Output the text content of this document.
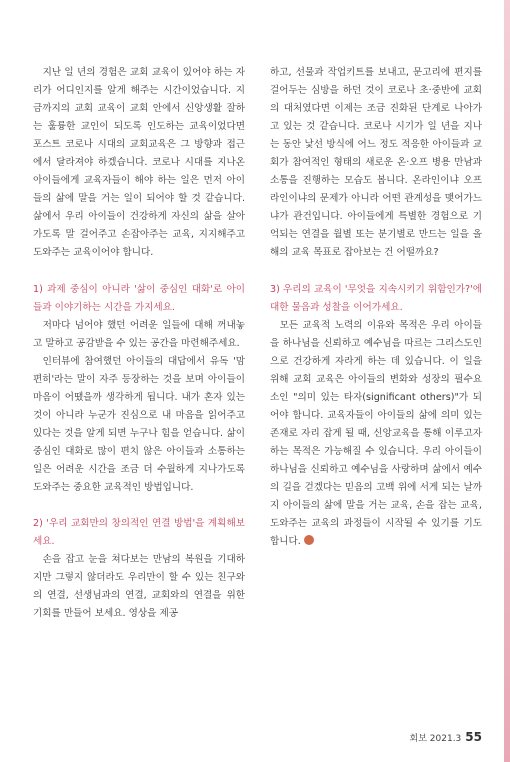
지난 일 년의 경험은 교회 교육이 있어야 하는 자리가 어디인지를 알게 해주는 시간이었습니다. 지금까지의 교회 교육이 교회 안에서 신앙생활 잘하는 훌륭한 교인이 되도록 인도하는 교육이었다면 포스트 코로나 시대의 교회교육은 그 방향과 접근에서 달라져야 하겠습니다. 코로나 시대를 지나온 아이들에게 교육자들이 해야 하는 일은 먼저 아이들의 삶에 말을 거는 일이 되어야 할 것 같습니다. 삶에서 우리 아이들이 건강하게 자신의 삶을 살아가도록 말 걸어주고 손잡아주는 교육, 지지해주고 도와주는 교육이어야 합니다.

1) 과제 중심이 아니라 '삶이 중심인 대화'로 아이들과 이야기하는 시간을 가지세요.

저마다 넘어야 했던 어려운 일들에 대해 꺼내놓고 말하고 공감받을 수 있는 공간을 마련해주세요.

인터뷰에 참여했던 아이들의 대답에서 유독 '맘 편히'라는 말이 자주 등장하는 것을 보며 아이들이 마음이 어땠을까 생각하게 됩니다. 내가 혼자 있는 것이 아니라 누군가 진심으로 내 마음을 읽어주고 있다는 것을 알게 되면 누구나 힘을 얻습니다. 삶이 중심인 대화로 많이 편치 않은 아이들과 소통하는 일은 어려운 시간을 조금 더 수월하게 지나가도록 도와주는 중요한 교육적인 방법입니다.

2) '우리 교회만의 창의적인 연결 방법'을 계획해보세요.

손을 잡고 눈을 쳐다보는 만남의 복원을 기대하지만 그렇지 않더라도 우리만이 할 수 있는 친구와의 연결, 선생님과의 연결, 교회와의 연결을 위한 기회를 만들어 보세요. 영상을 제공

하고, 선물과 작업키트를 보내고, 문고리에 편지를 걸어두는 심방을 하던 것이 코로나 초·중반에 교회의 대처였다면 이제는 조금 진화된 단계로 나아가고 있는 것 같습니다. 코로나 시기가 일 년을 지나는 동안 낯선 방식에 어느 정도 적응한 아이들과 교회가 참여적인 형태의 새로운 온·오프 병용 만남과 소통을 진행하는 모습도 봅니다. 온라인이냐 오프라인이냐의 문제가 아니라 어떤 관계성을 맺어가느냐가 관건입니다. 아이들에게 특별한 경험으로 기억되는 연결을 월별 또는 분기별로 만드는 일을 올해의 교육 목표로 잡아보는 건 어떨까요?

3) 우리의 교육이 '무엇을 지속시키기 위함인가?'에 대한 물음과 성찰을 이어가세요.

모든 교육적 노력의 이유와 목적은 우리 아이들을 하나님을 신뢰하고 예수님을 따르는 그리스도인으로 건강하게 자라게 하는 데 있습니다. 이 일을 위해 교회 교육은 아이들의 변화와 성장의 필수요소인 "의미 있는 타자(significant others)"가 되어야 합니다. 교육자들이 아이들의 삶에 의미 있는 존재로 자리 잡게 될 때, 신앙교육을 통해 이루고자 하는 목적은 가능해질 수 있습니다. 우리 아이들이 하나님을 신뢰하고 예수님을 사랑하며 삶에서 예수의 길을 걷겠다는 믿음의 고백 위에 서게 되는 날까지 아이들의 삶에 말을 거는 교육, 손을 잡는 교육, 도와주는 교육의 과정들이 시작될 수 있기를 기도합니다.

회보 2021.3 55
